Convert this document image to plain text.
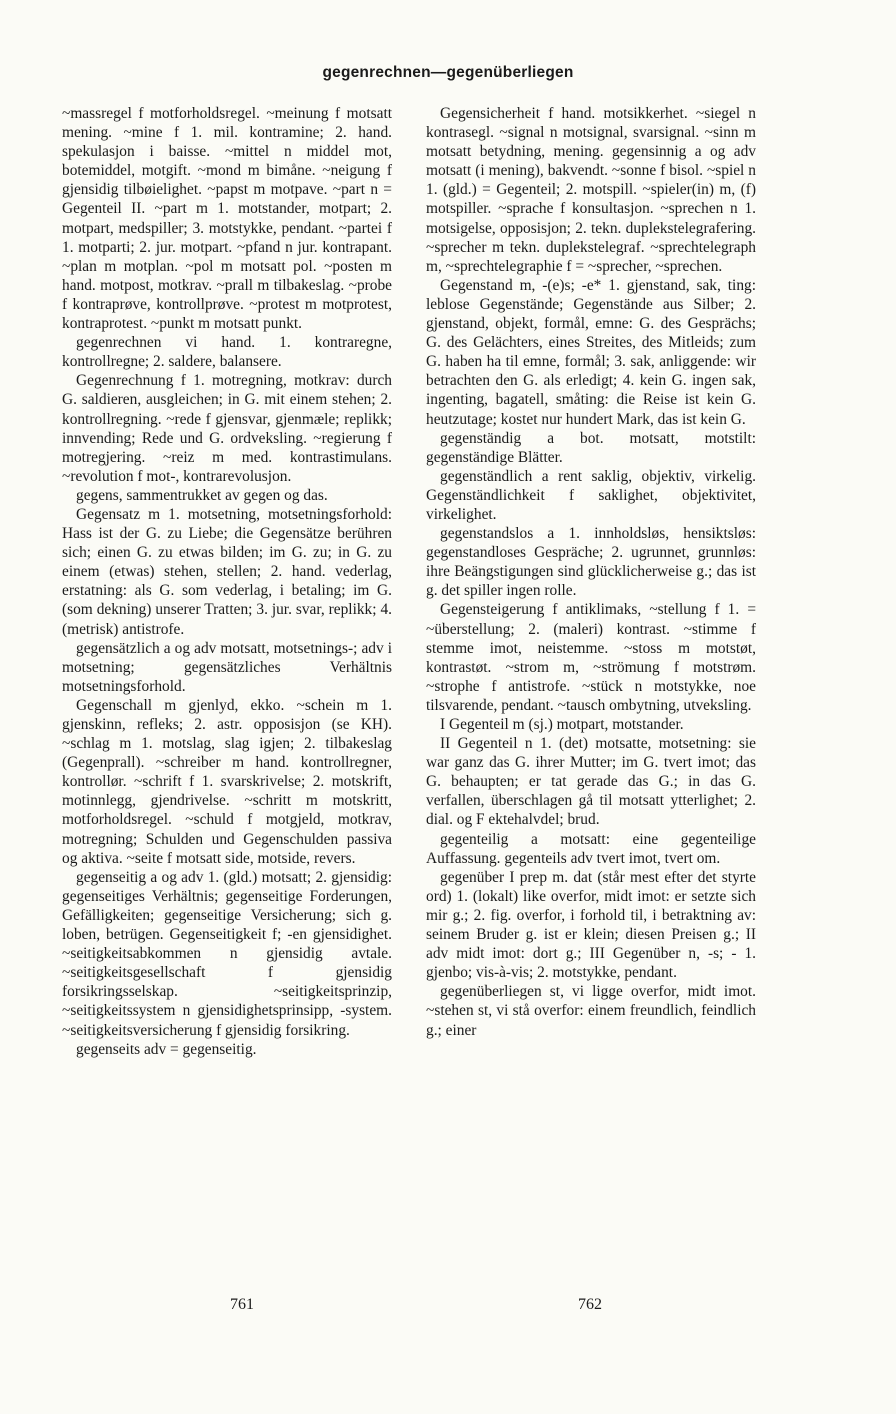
gegenrechnen—gegenüberliegen

~massregel f motforholdsregel. ~meinung f motsatt mening. ~mine f 1. mil. kontramine; 2. hand. spekulasjon i baisse. ~mittel n middel mot, botemiddel, motgift. ~mond m bimåne. ~neigung f gjensidig tilbøielighet. ~papst m motpave. ~part n = Gegenteil II. ~part m 1. motstander, motpart; 2. motpart, medspiller; 3. motstykke, pendant. ~partei f 1. motparti; 2. jur. motpart. ~pfand n jur. kontrapant. ~plan m motplan. ~pol m motsatt pol. ~posten m hand. motpost, motkrav. ~prall m tilbakeslag. ~probe f kontraprøve, kontrollprøve. ~protest m motprotest, kontraprotest. ~punkt m motsatt punkt.

gegenrechnen vi hand. 1. kontraregne, kontrollregne; 2. saldere, balansere.

Gegenrechnung f 1. motregning, motkrav: durch G. saldieren, ausgleichen; in G. mit einem stehen; 2. kontrollregning. ~rede f gjensvar, gjenmæle; replikk; innvending; Rede und G. ordveksling. ~regierung f motregjering. ~reiz m med. kontrastimulans. ~revolution f mot-, kontrarevolusjon.

gegens, sammentrukket av gegen og das.

Gegensatz m 1. motsetning, motsetningsforhold: Hass ist der G. zu Liebe; die Gegensätze berühren sich; einen G. zu etwas bilden; im G. zu; in G. zu einem (etwas) stehen, stellen; 2. hand. vederlag, erstatning: als G. som vederlag, i betaling; im G. (som dekning) unserer Tratten; 3. jur. svar, replikk; 4. (metrisk) antistrofe.

gegensätzlich a og adv motsatt, motsetnings-; adv i motsetning; gegensätzliches Verhältnis motsetningsforhold.

Gegenschall m gjenlyd, ekko. ~schein m 1. gjenskinn, refleks; 2. astr. opposisjon (se KH). ~schlag m 1. motslag, slag igjen; 2. tilbakeslag (Gegenprall). ~schreiber m hand. kontrollregner, kontrollør. ~schrift f 1. svarskrivelse; 2. motskrift, motinnlegg, gjendrivelse. ~schritt m motskritt, motforholdsregel. ~schuld f motgjeld, motkrav, motregning; Schulden und Gegenschulden passiva og aktiva. ~seite f motsatt side, motside, revers.

gegenseitig a og adv 1. (gld.) motsatt; 2. gjensidig: gegenseitiges Verhältnis; gegenseitige Forderungen, Gefälligkeiten; gegenseitige Versicherung; sich g. loben, betrügen. Gegenseitigkeit f; -en gjensidighet. ~seitigkeitsabkommen n gjensidig avtale. ~seitigkeitsgesellschaft f gjensidig forsikringsselskap. ~seitigkeitsprinzip, ~seitigkeitssystem n gjensidighetsprinsipp, -system. ~seitigkeitsversicherung f gjensidig forsikring.

gegenseits adv = gegenseitig.

Gegensicherheit f hand. motsikkerhet. ~siegel n kontrasegl. ~signal n motsignal, svarsignal. ~sinn m motsatt betydning, mening. gegensinnig a og adv motsatt (i mening), bakvendt. ~sonne f bisol. ~spiel n 1. (gld.) = Gegenteil; 2. motspill. ~spieler(in) m, (f) motspiller. ~sprache f konsultasjon. ~sprechen n 1. motsigelse, opposisjon; 2. tekn. duplekstelegrafering. ~sprecher m tekn. duplekstelegraf. ~sprechtelegraph m, ~sprechtelegraphie f = ~sprecher, ~sprechen.

Gegenstand m, -(e)s; -e* 1. gjenstand, sak, ting: leblose Gegenstände; Gegenstände aus Silber; 2. gjenstand, objekt, formål, emne: G. des Gesprächs; G. des Gelächters, eines Streites, des Mitleids; zum G. haben ha til emne, formål; 3. sak, anliggende: wir betrachten den G. als erledigt; 4. kein G. ingen sak, ingenting, bagatell, småting: die Reise ist kein G. heutzutage; kostet nur hundert Mark, das ist kein G.

gegenständig a bot. motsatt, motstilt: gegenständige Blätter.

gegenständlich a rent saklig, objektiv, virkelig. Gegenständlichkeit f saklighet, objektivitet, virkelighet.

gegenstandslos a 1. innholdsløs, hensiktsløs: gegenstandloses Gespräche; 2. ugrunnet, grunnløs: ihre Beängstigungen sind glücklicherweise g.; das ist g. det spiller ingen rolle.

Gegensteigerung f antiklimaks, ~stellung f 1. = ~überstellung; 2. (maleri) kontrast. ~stimme f stemme imot, neistemme. ~stoss m motstøt, kontrastøt. ~strom m, ~strömung f motstrøm. ~strophe f antistrofe. ~stück n motstykke, noe tilsvarende, pendant. ~tausch ombytning, utveksling.

I Gegenteil m (sj.) motpart, motstander.

II Gegenteil n 1. (det) motsatte, motsetning: sie war ganz das G. ihrer Mutter; im G. tvert imot; das G. behaupten; er tat gerade das G.; in das G. verfallen, überschlagen gå til motsatt ytterlighet; 2. dial. og F ektehalvdel; brud.

gegenteilig a motsatt: eine gegenteilige Auffassung. gegenteils adv tvert imot, tvert om.

gegenüber I prep m. dat (står mest efter det styrte ord) 1. (lokalt) like overfor, midt imot: er setzte sich mir g.; 2. fig. overfor, i forhold til, i betraktning av: seinem Bruder g. ist er klein; diesen Preisen g.; II adv midt imot: dort g.; III Gegenüber n, -s; - 1. gjenbo; vis-à-vis; 2. motstykke, pendant.

gegenüberliegen st, vi ligge overfor, midt imot. ~stehen st, vi stå overfor: einem freundlich, feindlich g.; einer

761	762
